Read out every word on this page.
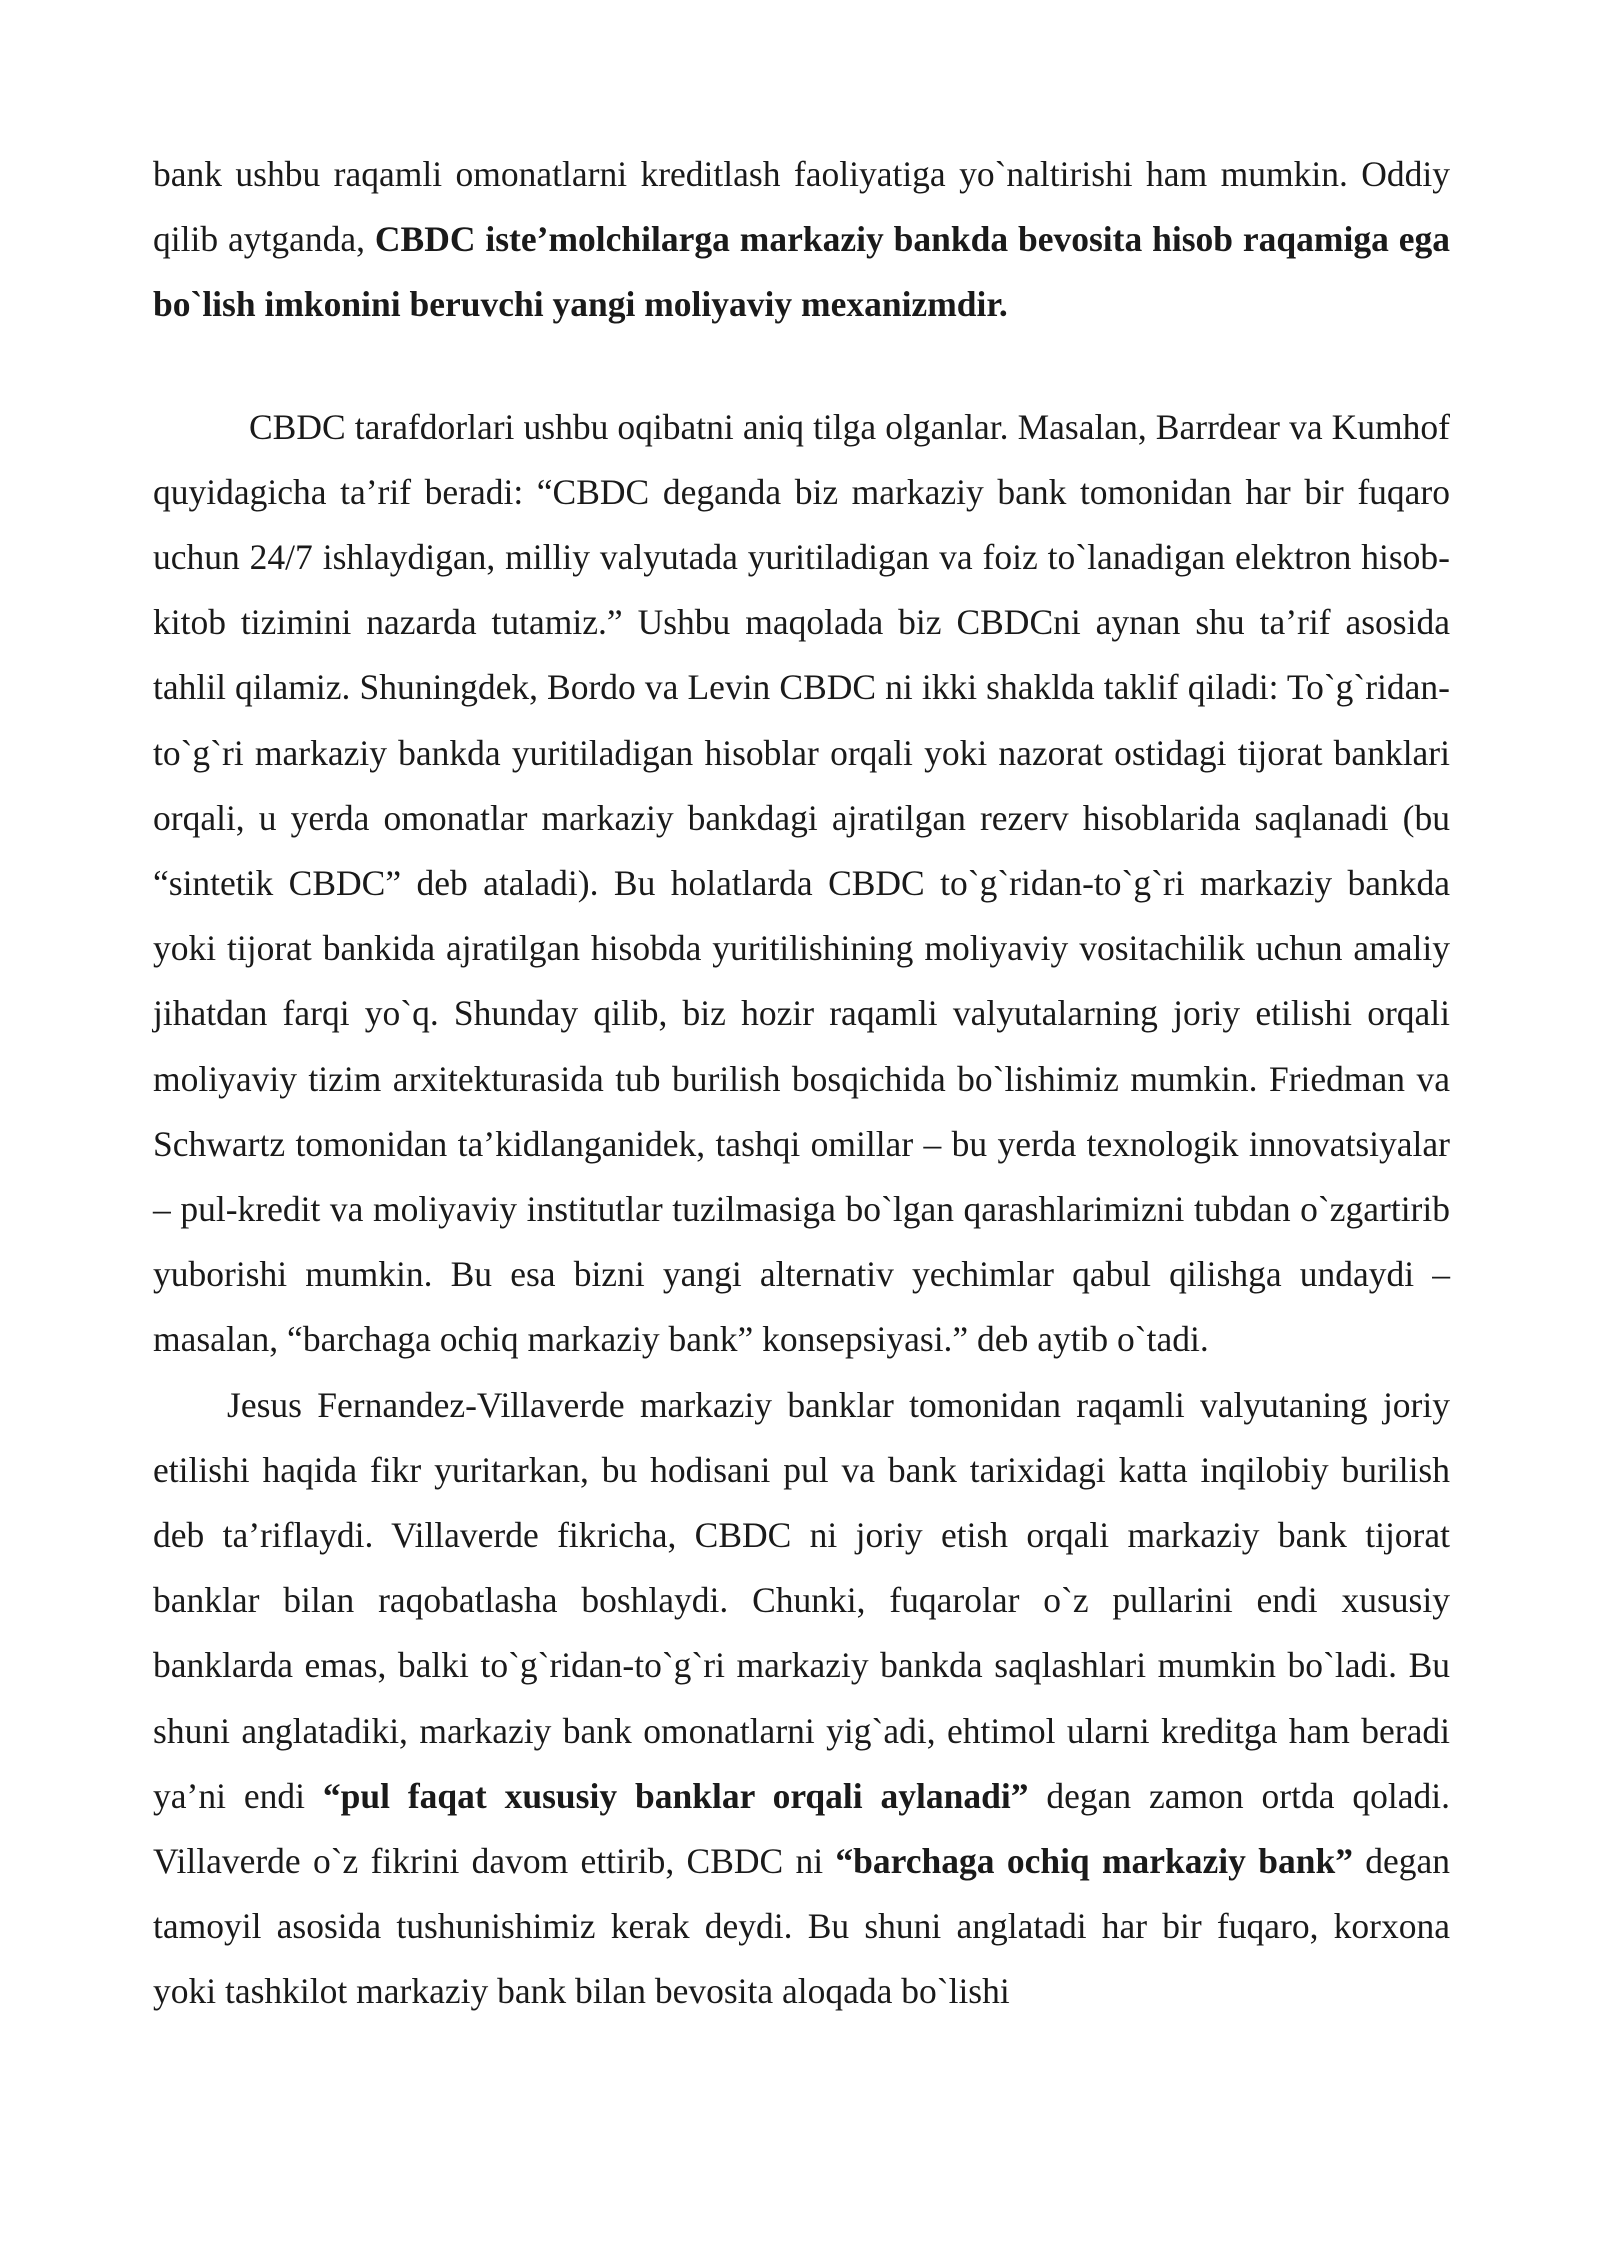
bank ushbu raqamli omonatlarni kreditlash faoliyatiga yo`naltirishi ham mumkin. Oddiy qilib aytganda, CBDC iste’molchilarga markaziy bankda bevosita hisob raqamiga ega bo`lish imkonini beruvchi yangi moliyaviy mexanizmdir.

CBDC tarafdorlari ushbu oqibatni aniq tilga olganlar. Masalan, Barrdear va Kumhof quyidagicha ta’rif beradi: “CBDC deganda biz markaziy bank tomonidan har bir fuqaro uchun 24/7 ishlaydigan, milliy valyutada yuritiladigan va foiz to`lanadigan elektron hisob-kitob tizimini nazarda tutamiz.” Ushbu maqolada biz CBDCni aynan shu ta’rif asosida tahlil qilamiz. Shuningdek, Bordo va Levin CBDC ni ikki shaklda taklif qiladi: To`g`ridan-to`g`ri markaziy bankda yuritiladigan hisoblar orqali yoki nazorat ostidagi tijorat banklari orqali, u yerda omonatlar markaziy bankdagi ajratilgan rezerv hisoblarida saqlanadi (bu “sintetik CBDC” deb ataladi). Bu holatlarda CBDC to`g`ridan-to`g`ri markaziy bankda yoki tijorat bankida ajratilgan hisobda yuritilishining moliyaviy vositachilik uchun amaliy jihatdan farqi yo`q. Shunday qilib, biz hozir raqamli valyutalarning joriy etilishi orqali moliyaviy tizim arxitekturasida tub burilish bosqichida bo`lishimiz mumkin. Friedman va Schwartz tomonidan ta’kidlanganidek, tashqi omillar – bu yerda texnologik innovatsiyalar – pul-kredit va moliyaviy institutlar tuzilmasiga bo`lgan qarashlarimizni tubdan o`zgartirib yuborishi mumkin. Bu esa bizni yangi alternativ yechimlar qabul qilishga undaydi – masalan, “barchaga ochiq markaziy bank” konsepsiyasi.” deb aytib o`tadi.

Jesus Fernandez-Villaverde markaziy banklar tomonidan raqamli valyutaning joriy etilishi haqida fikr yuritarkan, bu hodisani pul va bank tarixidagi katta inqilobiy burilish deb ta’riflaydi. Villaverde fikricha, CBDC ni joriy etish orqali markaziy bank tijorat banklar bilan raqobatlasha boshlaydi. Chunki, fuqarolar o`z pullarini endi xususiy banklarda emas, balki to`g`ridan-to`g`ri markaziy bankda saqlashlari mumkin bo`ladi. Bu shuni anglatadiki, markaziy bank omonatlarni yig`adi, ehtimol ularni kreditga ham beradi ya’ni endi “pul faqat xususiy banklar orqali aylanadi” degan zamon ortda qoladi. Villaverde o`z fikrini davom ettirib, CBDC ni “barchaga ochiq markaziy bank” degan tamoyil asosida tushunishimiz kerak deydi. Bu shuni anglatadi har bir fuqaro, korxona yoki tashkilot markaziy bank bilan bevosita aloqada bo`lishi
